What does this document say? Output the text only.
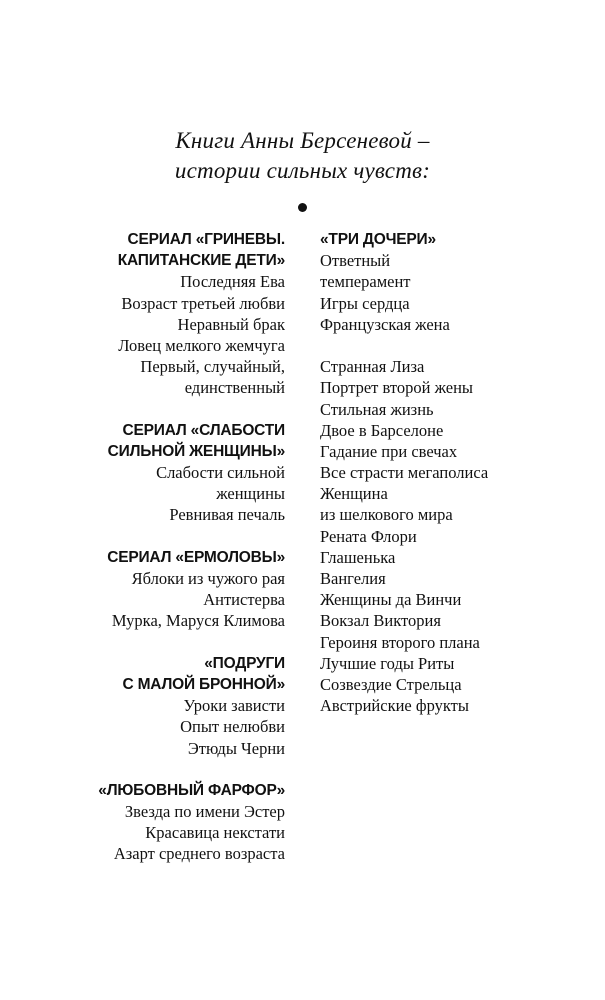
Книги Анны Берсеневой –
истории сильных чувств:
СЕРИАЛ «ГРИНЕВЫ.
КАПИТАНСКИЕ ДЕТИ»
Последняя Ева
Возраст третьей любви
Неравный брак
Ловец мелкого жемчуга
Первый, случайный,
единственный
СЕРИАЛ «СЛАБОСТИ
СИЛЬНОЙ ЖЕНЩИНЫ»
Слабости сильной
женщины
Ревнивая печаль
СЕРИАЛ «ЕРМОЛОВЫ»
Яблоки из чужого рая
Антистерва
Мурка, Маруся Климова
«ПОДРУГИ
С МАЛОЙ БРОННОЙ»
Уроки зависти
Опыт нелюбви
Этюды Черни
«ЛЮБОВНЫЙ ФАРФОР»
Звезда по имени Эстер
Красавица некстати
Азарт среднего возраста
«ТРИ ДОЧЕРИ»
Ответный
темперамент
Игры сердца
Французская жена
Странная Лиза
Портрет второй жены
Стильная жизнь
Двое в Барселоне
Гадание при свечах
Все страсти мегаполиса
Женщина
из шелкового мира
Рената Флори
Глашенька
Вангелия
Женщины да Винчи
Вокзал Виктория
Героиня второго плана
Лучшие годы Риты
Созвездие Стрельца
Австрийские фрукты
